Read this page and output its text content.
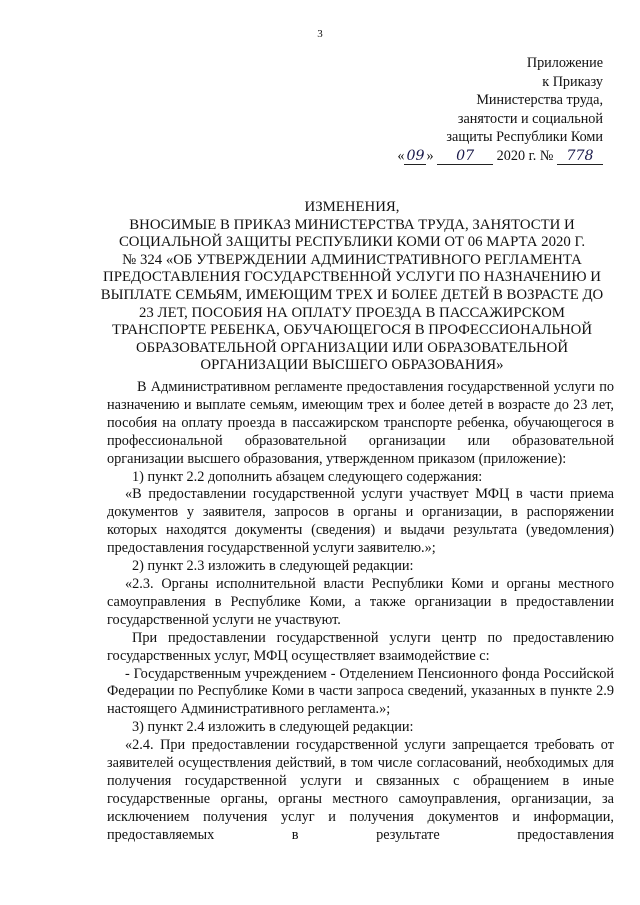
3
Приложение
к Приказу
Министерства труда,
занятости и социальной
защиты Республики Коми
« 09 » 07 2020 г. № 778
ИЗМЕНЕНИЯ,
ВНОСИМЫЕ В ПРИКАЗ МИНИСТЕРСТВА ТРУДА, ЗАНЯТОСТИ И
СОЦИАЛЬНОЙ ЗАЩИТЫ РЕСПУБЛИКИ КОМИ ОТ 06 МАРТА 2020 Г.
№ 324 «ОБ УТВЕРЖДЕНИИ АДМИНИСТРАТИВНОГО РЕГЛАМЕНТА
ПРЕДОСТАВЛЕНИЯ ГОСУДАРСТВЕННОЙ УСЛУГИ ПО НАЗНАЧЕНИЮ И
ВЫПЛАТЕ СЕМЬЯМ, ИМЕЮЩИМ ТРЕХ И БОЛЕЕ ДЕТЕЙ В ВОЗРАСТЕ ДО
23 ЛЕТ, ПОСОБИЯ НА ОПЛАТУ ПРОЕЗДА В ПАССАЖИРСКОМ
ТРАНСПОРТЕ РЕБЕНКА, ОБУЧАЮЩЕГОСЯ В ПРОФЕССИОНАЛЬНОЙ
ОБРАЗОВАТЕЛЬНОЙ ОРГАНИЗАЦИИ ИЛИ ОБРАЗОВАТЕЛЬНОЙ
ОРГАНИЗАЦИИ ВЫСШЕГО ОБРАЗОВАНИЯ»

В Административном регламенте предоставления государственной услуги по назначению и выплате семьям, имеющим трех и более детей в возрасте до 23 лет, пособия на оплату проезда в пассажирском транспорте ребенка, обучающегося в профессиональной образовательной организации или образовательной организации высшего образования, утвержденном приказом (приложение):

1) пункт 2.2 дополнить абзацем следующего содержания:

«В предоставлении государственной услуги участвует МФЦ в части приема документов у заявителя, запросов в органы и организации, в распоряжении которых находятся документы (сведения) и выдачи результата (уведомления) предоставления государственной услуги заявителю.»;

2) пункт 2.3 изложить в следующей редакции:

«2.3. Органы исполнительной власти Республики Коми и органы местного самоуправления в Республике Коми, а также организации в предоставлении государственной услуги не участвуют.

При предоставлении государственной услуги центр по предоставлению государственных услуг, МФЦ осуществляет взаимодействие с:

- Государственным учреждением - Отделением Пенсионного фонда Российской Федерации по Республике Коми в части запроса сведений, указанных в пункте 2.9 настоящего Административного регламента.»;

3) пункт 2.4 изложить в следующей редакции:

«2.4. При предоставлении государственной услуги запрещается требовать от заявителей осуществления действий, в том числе согласований, необходимых для получения государственной услуги и связанных с обращением в иные государственные органы, органы местного самоуправления, организации, за исключением получения услуг и получения документов и информации, предоставляемых в результате предоставления
